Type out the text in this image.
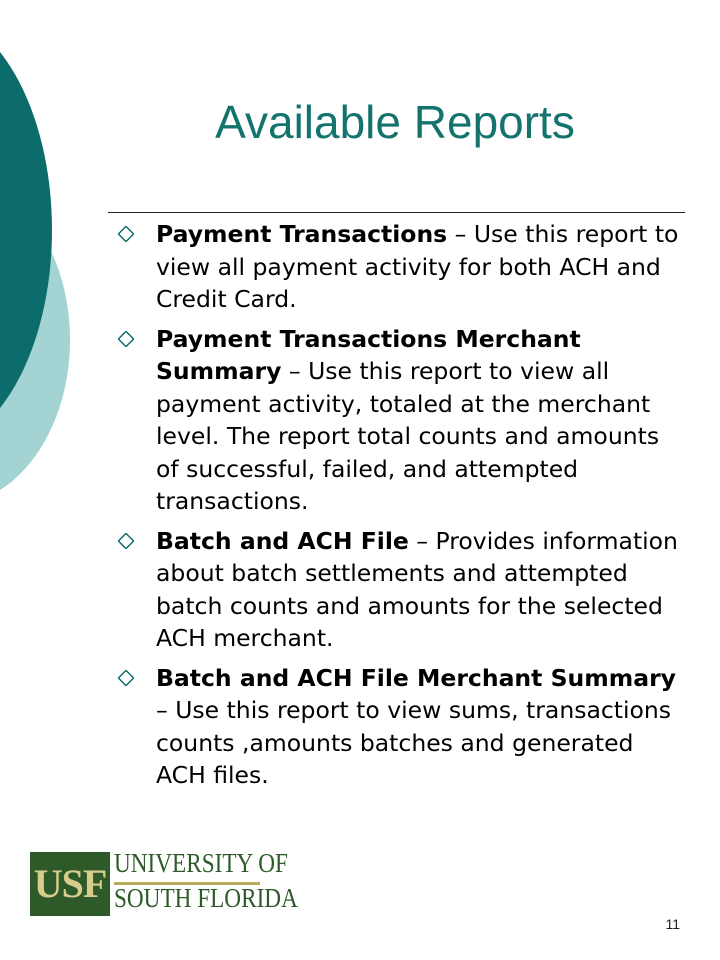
Available Reports
Payment Transactions – Use this report to view all payment activity for both ACH and Credit Card.
Payment Transactions Merchant Summary – Use this report to view all payment activity, totaled at the merchant level. The report total counts and amounts of successful, failed, and attempted transactions.
Batch and ACH File – Provides information about batch settlements and attempted batch counts and amounts for the selected ACH merchant.
Batch and ACH File Merchant Summary – Use this report to view sums, transactions counts ,amounts batches and generated ACH files.
USF UNIVERSITY OF
SOUTH FLORIDA
11
